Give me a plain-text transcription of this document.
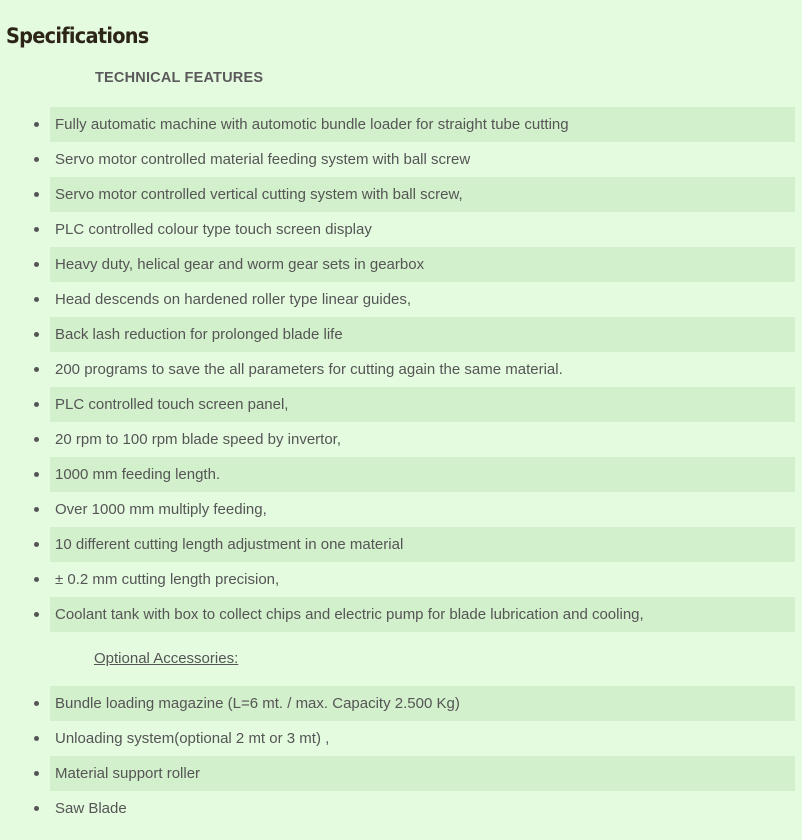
Specifications
TECHNICAL FEATURES
Fully automatic machine with automotic bundle loader for straight tube cutting
Servo motor controlled material feeding system with ball screw
Servo motor controlled vertical cutting system with ball screw,
PLC controlled colour type touch screen display
Heavy duty, helical gear and worm gear sets in gearbox
Head descends on hardened roller type linear guides,
Back lash reduction for prolonged blade life
200 programs to save the all parameters for cutting again the same material.
PLC controlled touch screen panel,
20 rpm to 100 rpm blade speed by invertor,
1000 mm feeding length.
Over 1000 mm multiply feeding,
10 different cutting length adjustment in one material
± 0.2 mm cutting length precision,
Coolant tank with box to collect chips and electric pump for blade lubrication and cooling,
Optional Accessories:
Bundle loading magazine (L=6 mt. / max. Capacity 2.500 Kg)
Unloading system(optional 2 mt or 3 mt) ,
Material support roller
Saw Blade
